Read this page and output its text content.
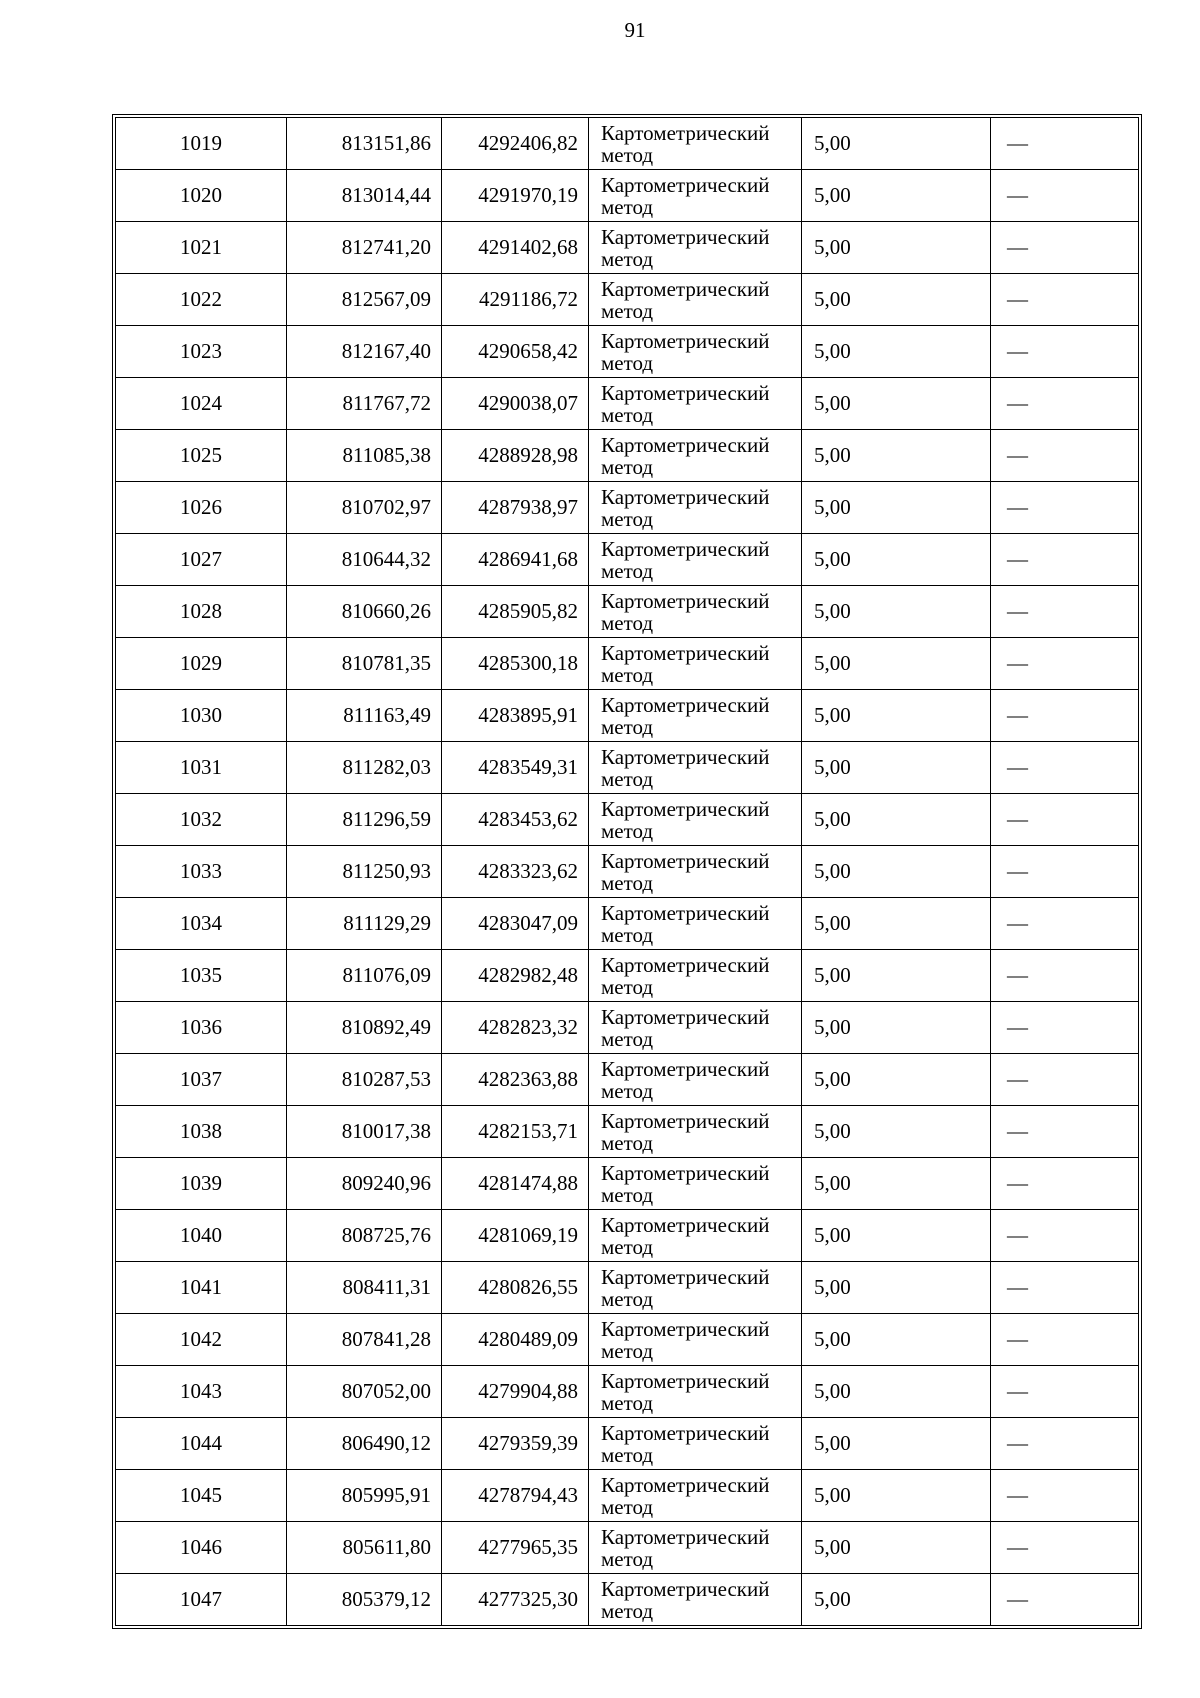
91
1019	813151,86	4292406,82	Картометрический
метод	5,00	—
1020	813014,44	4291970,19	Картометрический
метод	5,00	—
1021	812741,20	4291402,68	Картометрический
метод	5,00	—
1022	812567,09	4291186,72	Картометрический
метод	5,00	—
1023	812167,40	4290658,42	Картометрический
метод	5,00	—
1024	811767,72	4290038,07	Картометрический
метод	5,00	—
1025	811085,38	4288928,98	Картометрический
метод	5,00	—
1026	810702,97	4287938,97	Картометрический
метод	5,00	—
1027	810644,32	4286941,68	Картометрический
метод	5,00	—
1028	810660,26	4285905,82	Картометрический
метод	5,00	—
1029	810781,35	4285300,18	Картометрический
метод	5,00	—
1030	811163,49	4283895,91	Картометрический
метод	5,00	—
1031	811282,03	4283549,31	Картометрический
метод	5,00	—
1032	811296,59	4283453,62	Картометрический
метод	5,00	—
1033	811250,93	4283323,62	Картометрический
метод	5,00	—
1034	811129,29	4283047,09	Картометрический
метод	5,00	—
1035	811076,09	4282982,48	Картометрический
метод	5,00	—
1036	810892,49	4282823,32	Картометрический
метод	5,00	—
1037	810287,53	4282363,88	Картометрический
метод	5,00	—
1038	810017,38	4282153,71	Картометрический
метод	5,00	—
1039	809240,96	4281474,88	Картометрический
метод	5,00	—
1040	808725,76	4281069,19	Картометрический
метод	5,00	—
1041	808411,31	4280826,55	Картометрический
метод	5,00	—
1042	807841,28	4280489,09	Картометрический
метод	5,00	—
1043	807052,00	4279904,88	Картометрический
метод	5,00	—
1044	806490,12	4279359,39	Картометрический
метод	5,00	—
1045	805995,91	4278794,43	Картометрический
метод	5,00	—
1046	805611,80	4277965,35	Картометрический
метод	5,00	—
1047	805379,12	4277325,30	Картометрический
метод	5,00	—
